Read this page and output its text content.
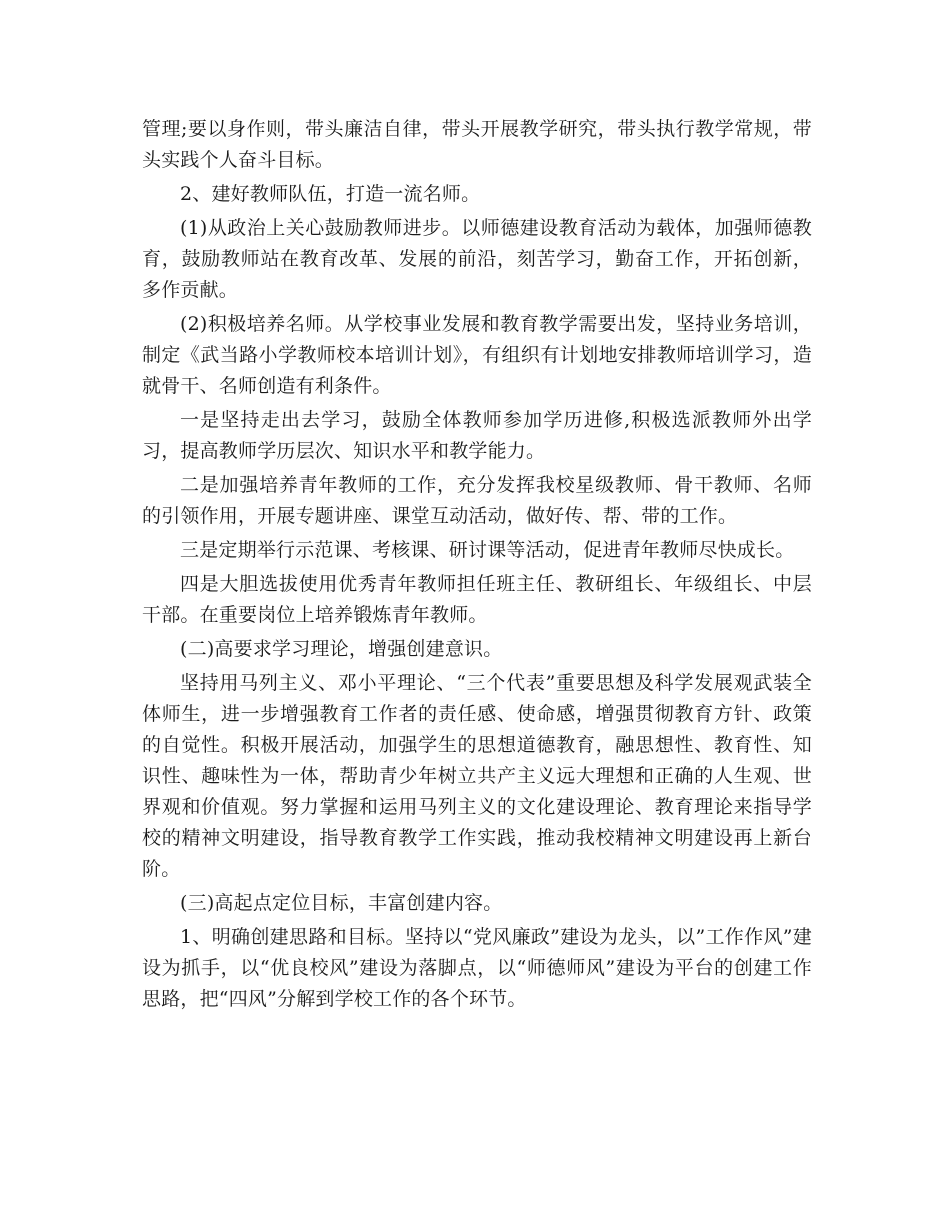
管理;要以身作则，带头廉洁自律，带头开展教学研究，带头执行教学常规，带头实践个人奋斗目标。

2、建好教师队伍，打造一流名师。

(1)从政治上关心鼓励教师进步。以师德建设教育活动为载体，加强师德教育，鼓励教师站在教育改革、发展的前沿，刻苦学习，勤奋工作，开拓创新，多作贡献。

(2)积极培养名师。从学校事业发展和教育教学需要出发，坚持业务培训，制定《武当路小学教师校本培训计划》，有组织有计划地安排教师培训学习，造就骨干、名师创造有利条件。

一是坚持走出去学习，鼓励全体教师参加学历进修,积极选派教师外出学习，提高教师学历层次、知识水平和教学能力。

二是加强培养青年教师的工作，充分发挥我校星级教师、骨干教师、名师的引领作用，开展专题讲座、课堂互动活动，做好传、帮、带的工作。

三是定期举行示范课、考核课、研讨课等活动，促进青年教师尽快成长。

四是大胆选拔使用优秀青年教师担任班主任、教研组长、年级组长、中层干部。在重要岗位上培养锻炼青年教师。

(二)高要求学习理论，增强创建意识。

坚持用马列主义、邓小平理论、“三个代表”重要思想及科学发展观武装全体师生，进一步增强教育工作者的责任感、使命感，增强贯彻教育方针、政策的自觉性。积极开展活动，加强学生的思想道德教育，融思想性、教育性、知识性、趣味性为一体，帮助青少年树立共产主义远大理想和正确的人生观、世界观和价值观。努力掌握和运用马列主义的文化建设理论、教育理论来指导学校的精神文明建设，指导教育教学工作实践，推动我校精神文明建设再上新台阶。

(三)高起点定位目标，丰富创建内容。

1、明确创建思路和目标。坚持以“党风廉政”建设为龙头，以”工作作风”建设为抓手，以“优良校风”建设为落脚点，以“师德师风”建设为平台的创建工作思路，把“四风”分解到学校工作的各个环节。
